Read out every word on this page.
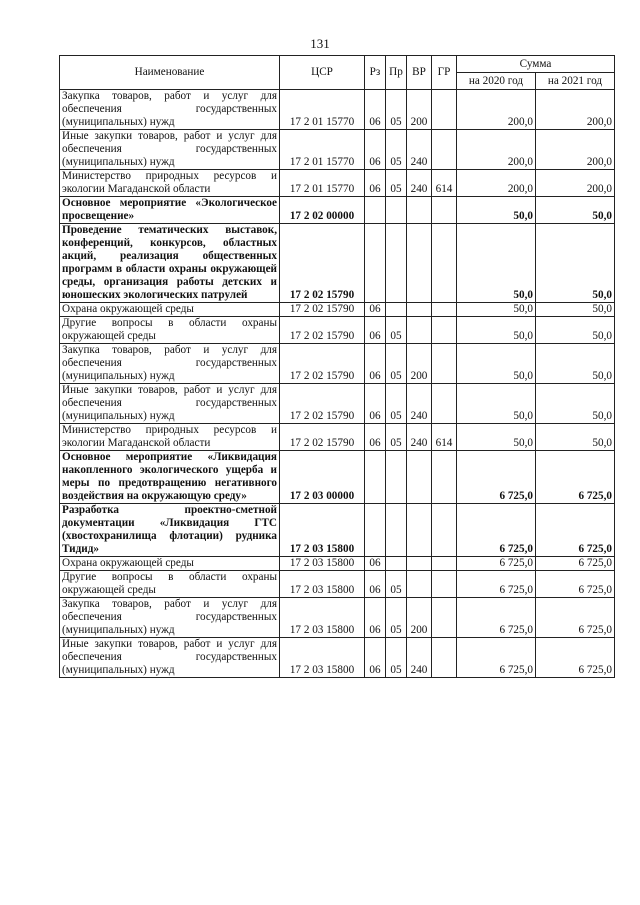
131
Наименование	ЦСР	Рз	Пр	ВР	ГР	Сумма	
						на 2020 год	на 2021 год
Закупка товаров, работ и услуг для обеспечения государственных (муниципальных) нужд	17 2 01 15770	06	05	200		200,0	200,0
Иные закупки товаров, работ и услуг для обеспечения государственных (муниципальных) нужд	17 2 01 15770	06	05	240		200,0	200,0
Министерство природных ресурсов и экологии Магаданской области	17 2 01 15770	06	05	240	614	200,0	200,0
Основное мероприятие «Экологическое просвещение»	17 2 02 00000					50,0	50,0
Проведение тематических выставок, конференций, конкурсов, областных акций, реализация общественных программ в области охраны окружающей среды, организация работы детских и юношеских экологических патрулей	17 2 02 15790					50,0	50,0
Охрана окружающей среды	17 2 02 15790	06				50,0	50,0
Другие вопросы в области охраны окружающей среды	17 2 02 15790	06	05			50,0	50,0
Закупка товаров, работ и услуг для обеспечения государственных (муниципальных) нужд	17 2 02 15790	06	05	200		50,0	50,0
Иные закупки товаров, работ и услуг для обеспечения государственных (муниципальных) нужд	17 2 02 15790	06	05	240		50,0	50,0
Министерство природных ресурсов и экологии Магаданской области	17 2 02 15790	06	05	240	614	50,0	50,0
Основное мероприятие «Ликвидация накопленного экологического ущерба и меры по предотвращению негативного воздействия на окружающую среду»	17 2 03 00000					6 725,0	6 725,0
Разработка проектно-сметной документации «Ликвидация ГТС (хвостохранилища флотации) рудника Тидид»	17 2 03 15800					6 725,0	6 725,0
Охрана окружающей среды	17 2 03 15800	06				6 725,0	6 725,0
Другие вопросы в области охраны окружающей среды	17 2 03 15800	06	05			6 725,0	6 725,0
Закупка товаров, работ и услуг для обеспечения государственных (муниципальных) нужд	17 2 03 15800	06	05	200		6 725,0	6 725,0
Иные закупки товаров, работ и услуг для обеспечения государственных (муниципальных) нужд	17 2 03 15800	06	05	240		6 725,0	6 725,0
